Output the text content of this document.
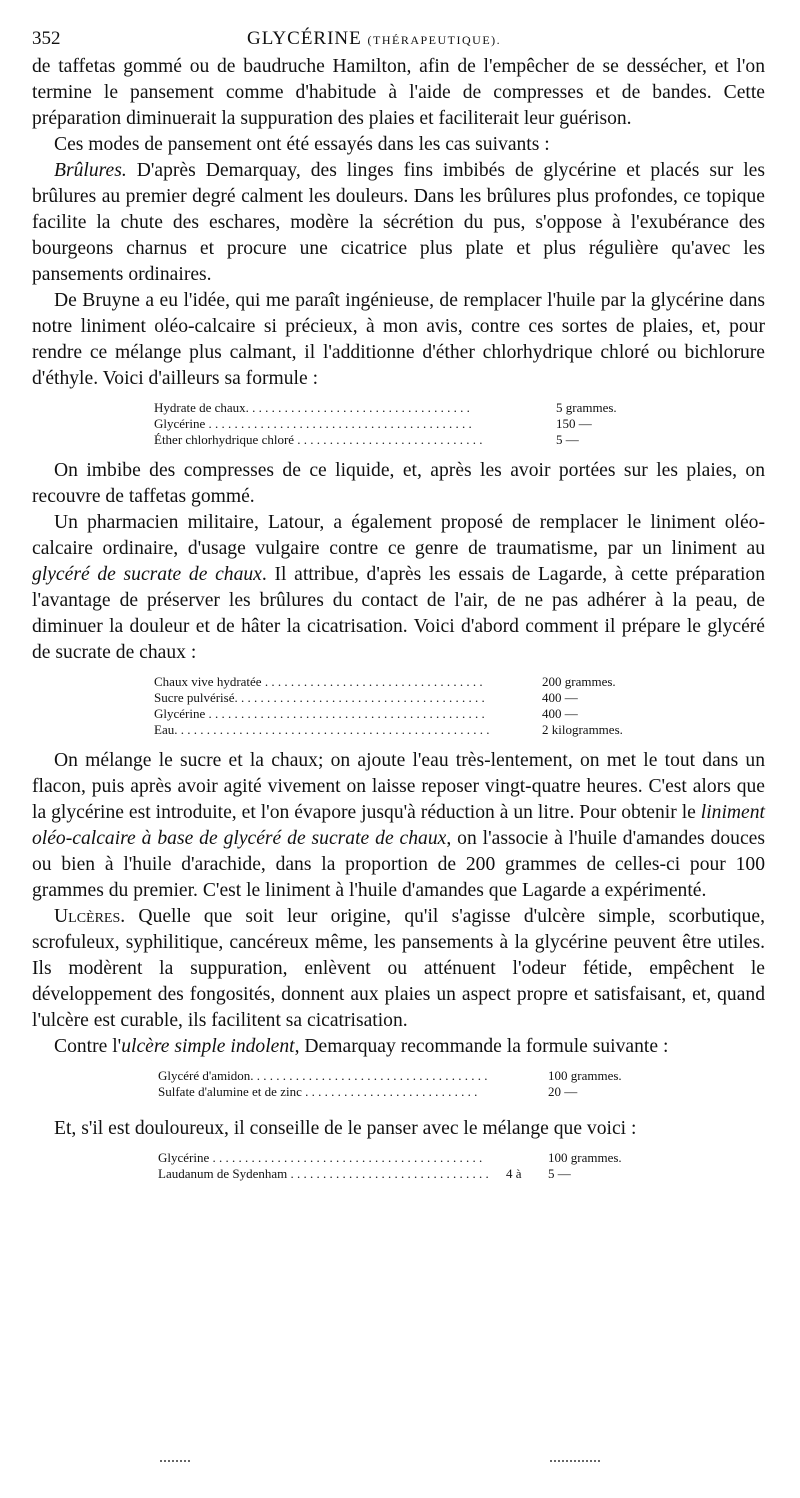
352	GLYCÉRINE (THÉRAPEUTIQUE).

de taffetas gommé ou de baudruche Hamilton, afin de l'empêcher de se dessécher, et l'on termine le pansement comme d'habitude à l'aide de compresses et de bandes. Cette préparation diminuerait la suppuration des plaies et faciliterait leur guérison.

Ces modes de pansement ont été essayés dans les cas suivants :

Brûlures. D'après Demarquay, des linges fins imbibés de glycérine et placés sur les brûlures au premier degré calment les douleurs. Dans les brûlures plus profondes, ce topique facilite la chute des eschares, modère la sécrétion du pus, s'oppose à l'exubérance des bourgeons charnus et procure une cicatrice plus plate et plus régulière qu'avec les pansements ordinaires.

De Bruyne a eu l'idée, qui me paraît ingénieuse, de remplacer l'huile par la glycérine dans notre liniment oléo-calcaire si précieux, à mon avis, contre ces sortes de plaies, et, pour rendre ce mélange plus calmant, il l'additionne d'éther chlorhydrique chloré ou bichlorure d'éthyle. Voici d'ailleurs sa formule :

Hydrate de chaux. . . . . . . . . . . . . . . . . . . . . . . . . . . . . . . . . . .	5 grammes.
Glycérine . . . . . . . . . . . . . . . . . . . . . . . . . . . . . . . . . . . . . . . . .	150 —
Éther chlorhydrique chloré . . . . . . . . . . . . . . . . . . . . . . . . . . . . .	5 —

On imbibe des compresses de ce liquide, et, après les avoir portées sur les plaies, on recouvre de taffetas gommé.

Un pharmacien militaire, Latour, a également proposé de remplacer le liniment oléo-calcaire ordinaire, d'usage vulgaire contre ce genre de traumatisme, par un liniment au glycéré de sucrate de chaux. Il attribue, d'après les essais de Lagarde, à cette préparation l'avantage de préserver les brûlures du contact de l'air, de ne pas adhérer à la peau, de diminuer la douleur et de hâter la cicatrisation. Voici d'abord comment il prépare le glycéré de sucrate de chaux :

Chaux vive hydratée . . . . . . . . . . . . . . . . . . . . . . . . . . . . . . . . . .	200 grammes.
Sucre pulvérisé. . . . . . . . . . . . . . . . . . . . . . . . . . . . . . . . . . . . . . .	400 —
Glycérine . . . . . . . . . . . . . . . . . . . . . . . . . . . . . . . . . . . . . . . . . . .	400 —
Eau. . . . . . . . . . . . . . . . . . . . . . . . . . . . . . . . . . . . . . . . . . . . . . . . .	2 kilogrammes.

On mélange le sucre et la chaux; on ajoute l'eau très-lentement, on met le tout dans un flacon, puis après avoir agité vivement on laisse reposer vingt-quatre heures. C'est alors que la glycérine est introduite, et l'on évapore jusqu'à réduction à un litre. Pour obtenir le liniment oléo-calcaire à base de glycéré de sucrate de chaux, on l'associe à l'huile d'amandes douces ou bien à l'huile d'arachide, dans la proportion de 200 grammes de celles-ci pour 100 grammes du premier. C'est le liniment à l'huile d'amandes que Lagarde a expérimenté.

Ulcères. Quelle que soit leur origine, qu'il s'agisse d'ulcère simple, scorbutique, scrofuleux, syphilitique, cancéreux même, les pansements à la glycérine peuvent être utiles. Ils modèrent la suppuration, enlèvent ou atténuent l'odeur fétide, empêchent le développement des fongosités, donnent aux plaies un aspect propre et satisfaisant, et, quand l'ulcère est curable, ils facilitent sa cicatrisation.

Contre l'ulcère simple indolent, Demarquay recommande la formule suivante :

Glycéré d'amidon. . . . . . . . . . . . . . . . . . . . . . . . . . . . . . . . . . . . .	100 grammes.
Sulfate d'alumine et de zinc . . . . . . . . . . . . . . . . . . . . . . . . . . .	20 —

Et, s'il est douloureux, il conseille de le panser avec le mélange que voici :

Glycérine . . . . . . . . . . . . . . . . . . . . . . . . . . . . . . . . . . . . . . . . . .	100 grammes.
Laudanum de Sydenham . . . . . . . . . . . . . . . . . . . . . . . . . . . . . . .	4 à 5 —
